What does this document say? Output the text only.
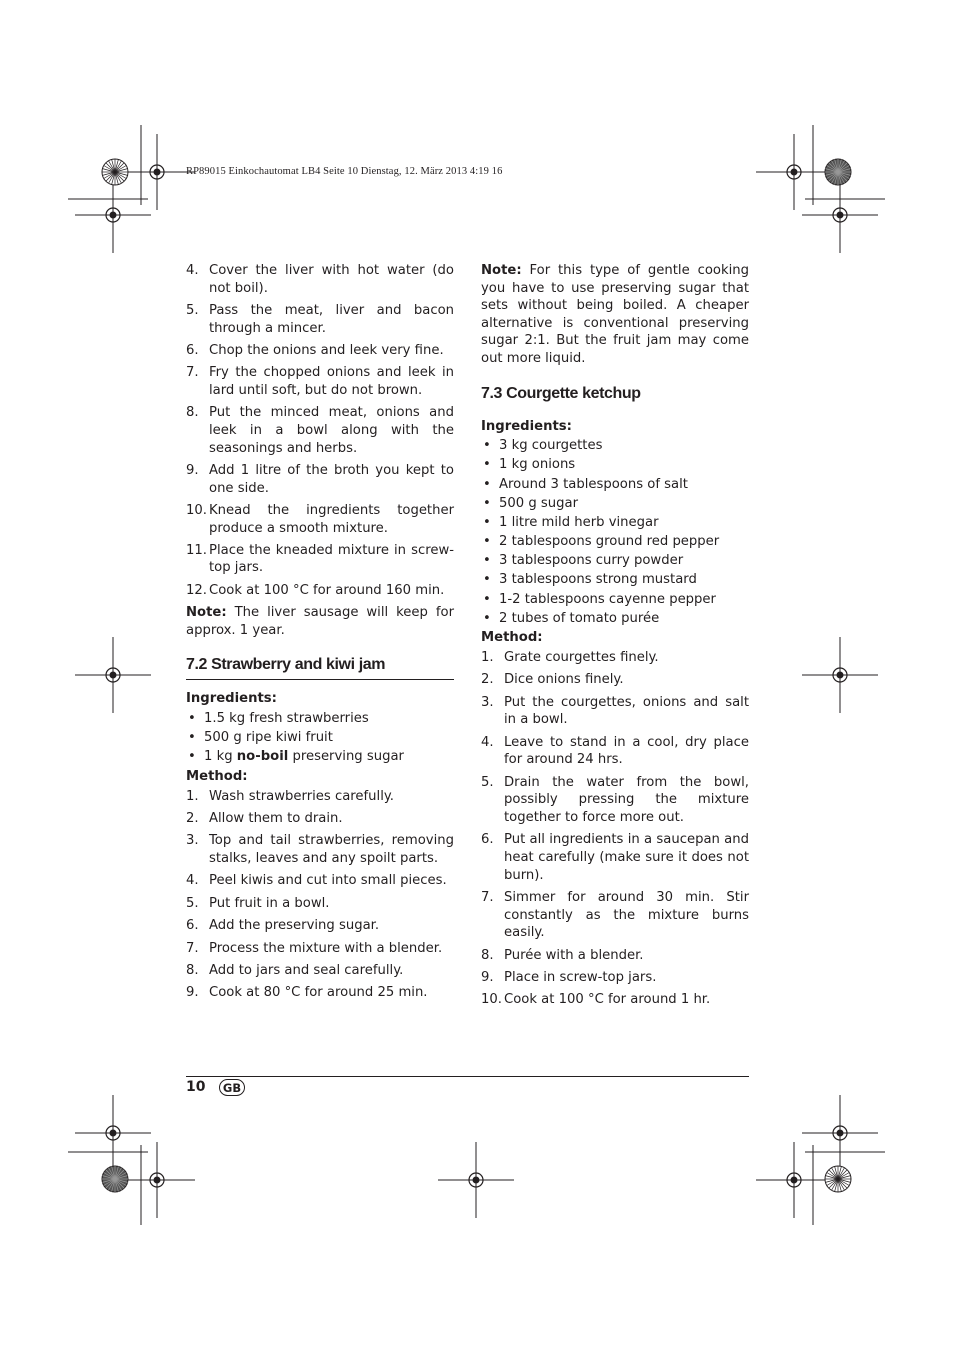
RP89015 Einkochautomat LB4 Seite 10 Dienstag, 12. März 2013 4:19 16
4. Cover the liver with hot water (do not boil).
5. Pass the meat, liver and bacon through a mincer.
6. Chop the onions and leek very fine.
7. Fry the chopped onions and leek in lard until soft, but do not brown.
8. Put the minced meat, onions and leek in a bowl along with the seasonings and herbs.
9. Add 1 litre of the broth you kept to one side.
10. Knead the ingredients together produce a smooth mixture.
11. Place the kneaded mixture in screw-top jars.
12. Cook at 100 °C for around 160 min.
Note: The liver sausage will keep for approx. 1 year.
7.2 Strawberry and kiwi jam
Ingredients:
• 1.5 kg fresh strawberries
• 500 g ripe kiwi fruit
• 1 kg no-boil preserving sugar
Method:
1. Wash strawberries carefully.
2. Allow them to drain.
3. Top and tail strawberries, removing stalks, leaves and any spoilt parts.
4. Peel kiwis and cut into small pieces.
5. Put fruit in a bowl.
6. Add the preserving sugar.
7. Process the mixture with a blender.
8. Add to jars and seal carefully.
9. Cook at 80 °C for around 25 min.
Note: For this type of gentle cooking you have to use preserving sugar that sets without being boiled. A cheaper alternative is conventional preserving sugar 2:1. But the fruit jam may come out more liquid.
7.3 Courgette ketchup
Ingredients:
• 3 kg courgettes
• 1 kg onions
• Around 3 tablespoons of salt
• 500 g sugar
• 1 litre mild herb vinegar
• 2 tablespoons ground red pepper
• 3 tablespoons curry powder
• 3 tablespoons strong mustard
• 1-2 tablespoons cayenne pepper
• 2 tubes of tomato purée
Method:
1. Grate courgettes finely.
2. Dice onions finely.
3. Put the courgettes, onions and salt in a bowl.
4. Leave to stand in a cool, dry place for around 24 hrs.
5. Drain the water from the bowl, possibly pressing the mixture together to force more out.
6. Put all ingredients in a saucepan and heat carefully (make sure it does not burn).
7. Simmer for around 30 min. Stir constantly as the mixture burns easily.
8. Purée with a blender.
9. Place in screw-top jars.
10. Cook at 100 °C for around 1 hr.
10	GB
